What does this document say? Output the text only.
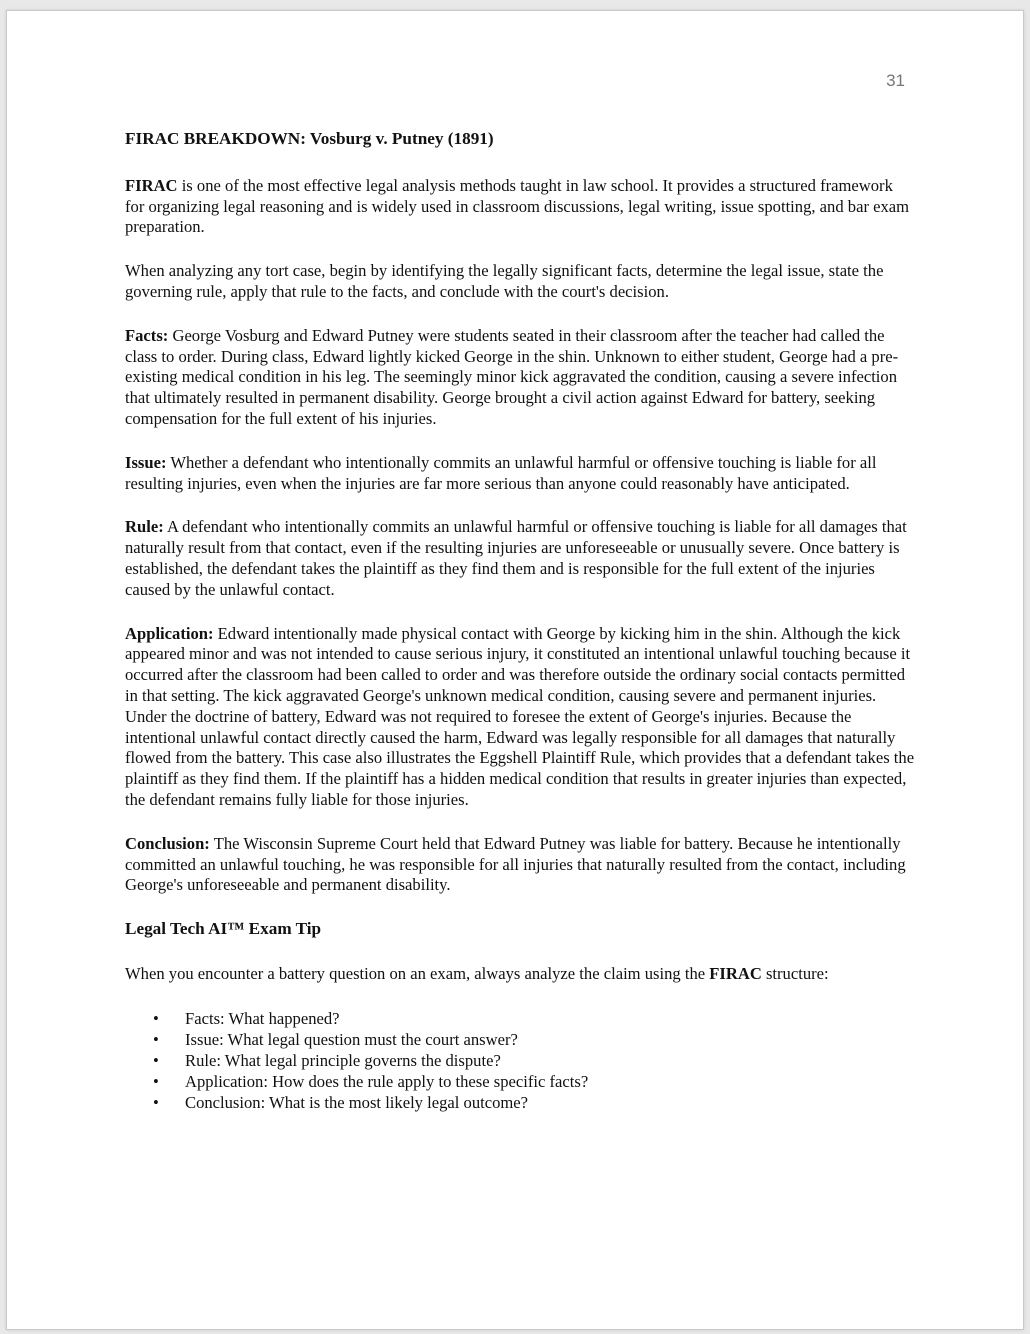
31
FIRAC BREAKDOWN: Vosburg v. Putney (1891)

FIRAC is one of the most effective legal analysis methods taught in law school. It provides a structured framework for organizing legal reasoning and is widely used in classroom discussions, legal writing, issue spotting, and bar exam preparation.

When analyzing any tort case, begin by identifying the legally significant facts, determine the legal issue, state the governing rule, apply that rule to the facts, and conclude with the court's decision.

Facts: George Vosburg and Edward Putney were students seated in their classroom after the teacher had called the class to order. During class, Edward lightly kicked George in the shin. Unknown to either student, George had a pre-existing medical condition in his leg. The seemingly minor kick aggravated the condition, causing a severe infection that ultimately resulted in permanent disability. George brought a civil action against Edward for battery, seeking compensation for the full extent of his injuries.

Issue: Whether a defendant who intentionally commits an unlawful harmful or offensive touching is liable for all resulting injuries, even when the injuries are far more serious than anyone could reasonably have anticipated.

Rule: A defendant who intentionally commits an unlawful harmful or offensive touching is liable for all damages that naturally result from that contact, even if the resulting injuries are unforeseeable or unusually severe. Once battery is established, the defendant takes the plaintiff as they find them and is responsible for the full extent of the injuries caused by the unlawful contact.

Application: Edward intentionally made physical contact with George by kicking him in the shin. Although the kick appeared minor and was not intended to cause serious injury, it constituted an intentional unlawful touching because it occurred after the classroom had been called to order and was therefore outside the ordinary social contacts permitted in that setting. The kick aggravated George's unknown medical condition, causing severe and permanent injuries. Under the doctrine of battery, Edward was not required to foresee the extent of George's injuries. Because the intentional unlawful contact directly caused the harm, Edward was legally responsible for all damages that naturally flowed from the battery. This case also illustrates the Eggshell Plaintiff Rule, which provides that a defendant takes the plaintiff as they find them. If the plaintiff has a hidden medical condition that results in greater injuries than expected, the defendant remains fully liable for those injuries.

Conclusion: The Wisconsin Supreme Court held that Edward Putney was liable for battery. Because he intentionally committed an unlawful touching, he was responsible for all injuries that naturally resulted from the contact, including George's unforeseeable and permanent disability.

Legal Tech AI™ Exam Tip

When you encounter a battery question on an exam, always analyze the claim using the FIRAC structure:

• Facts: What happened?
• Issue: What legal question must the court answer?
• Rule: What legal principle governs the dispute?
• Application: How does the rule apply to these specific facts?
• Conclusion: What is the most likely legal outcome?
